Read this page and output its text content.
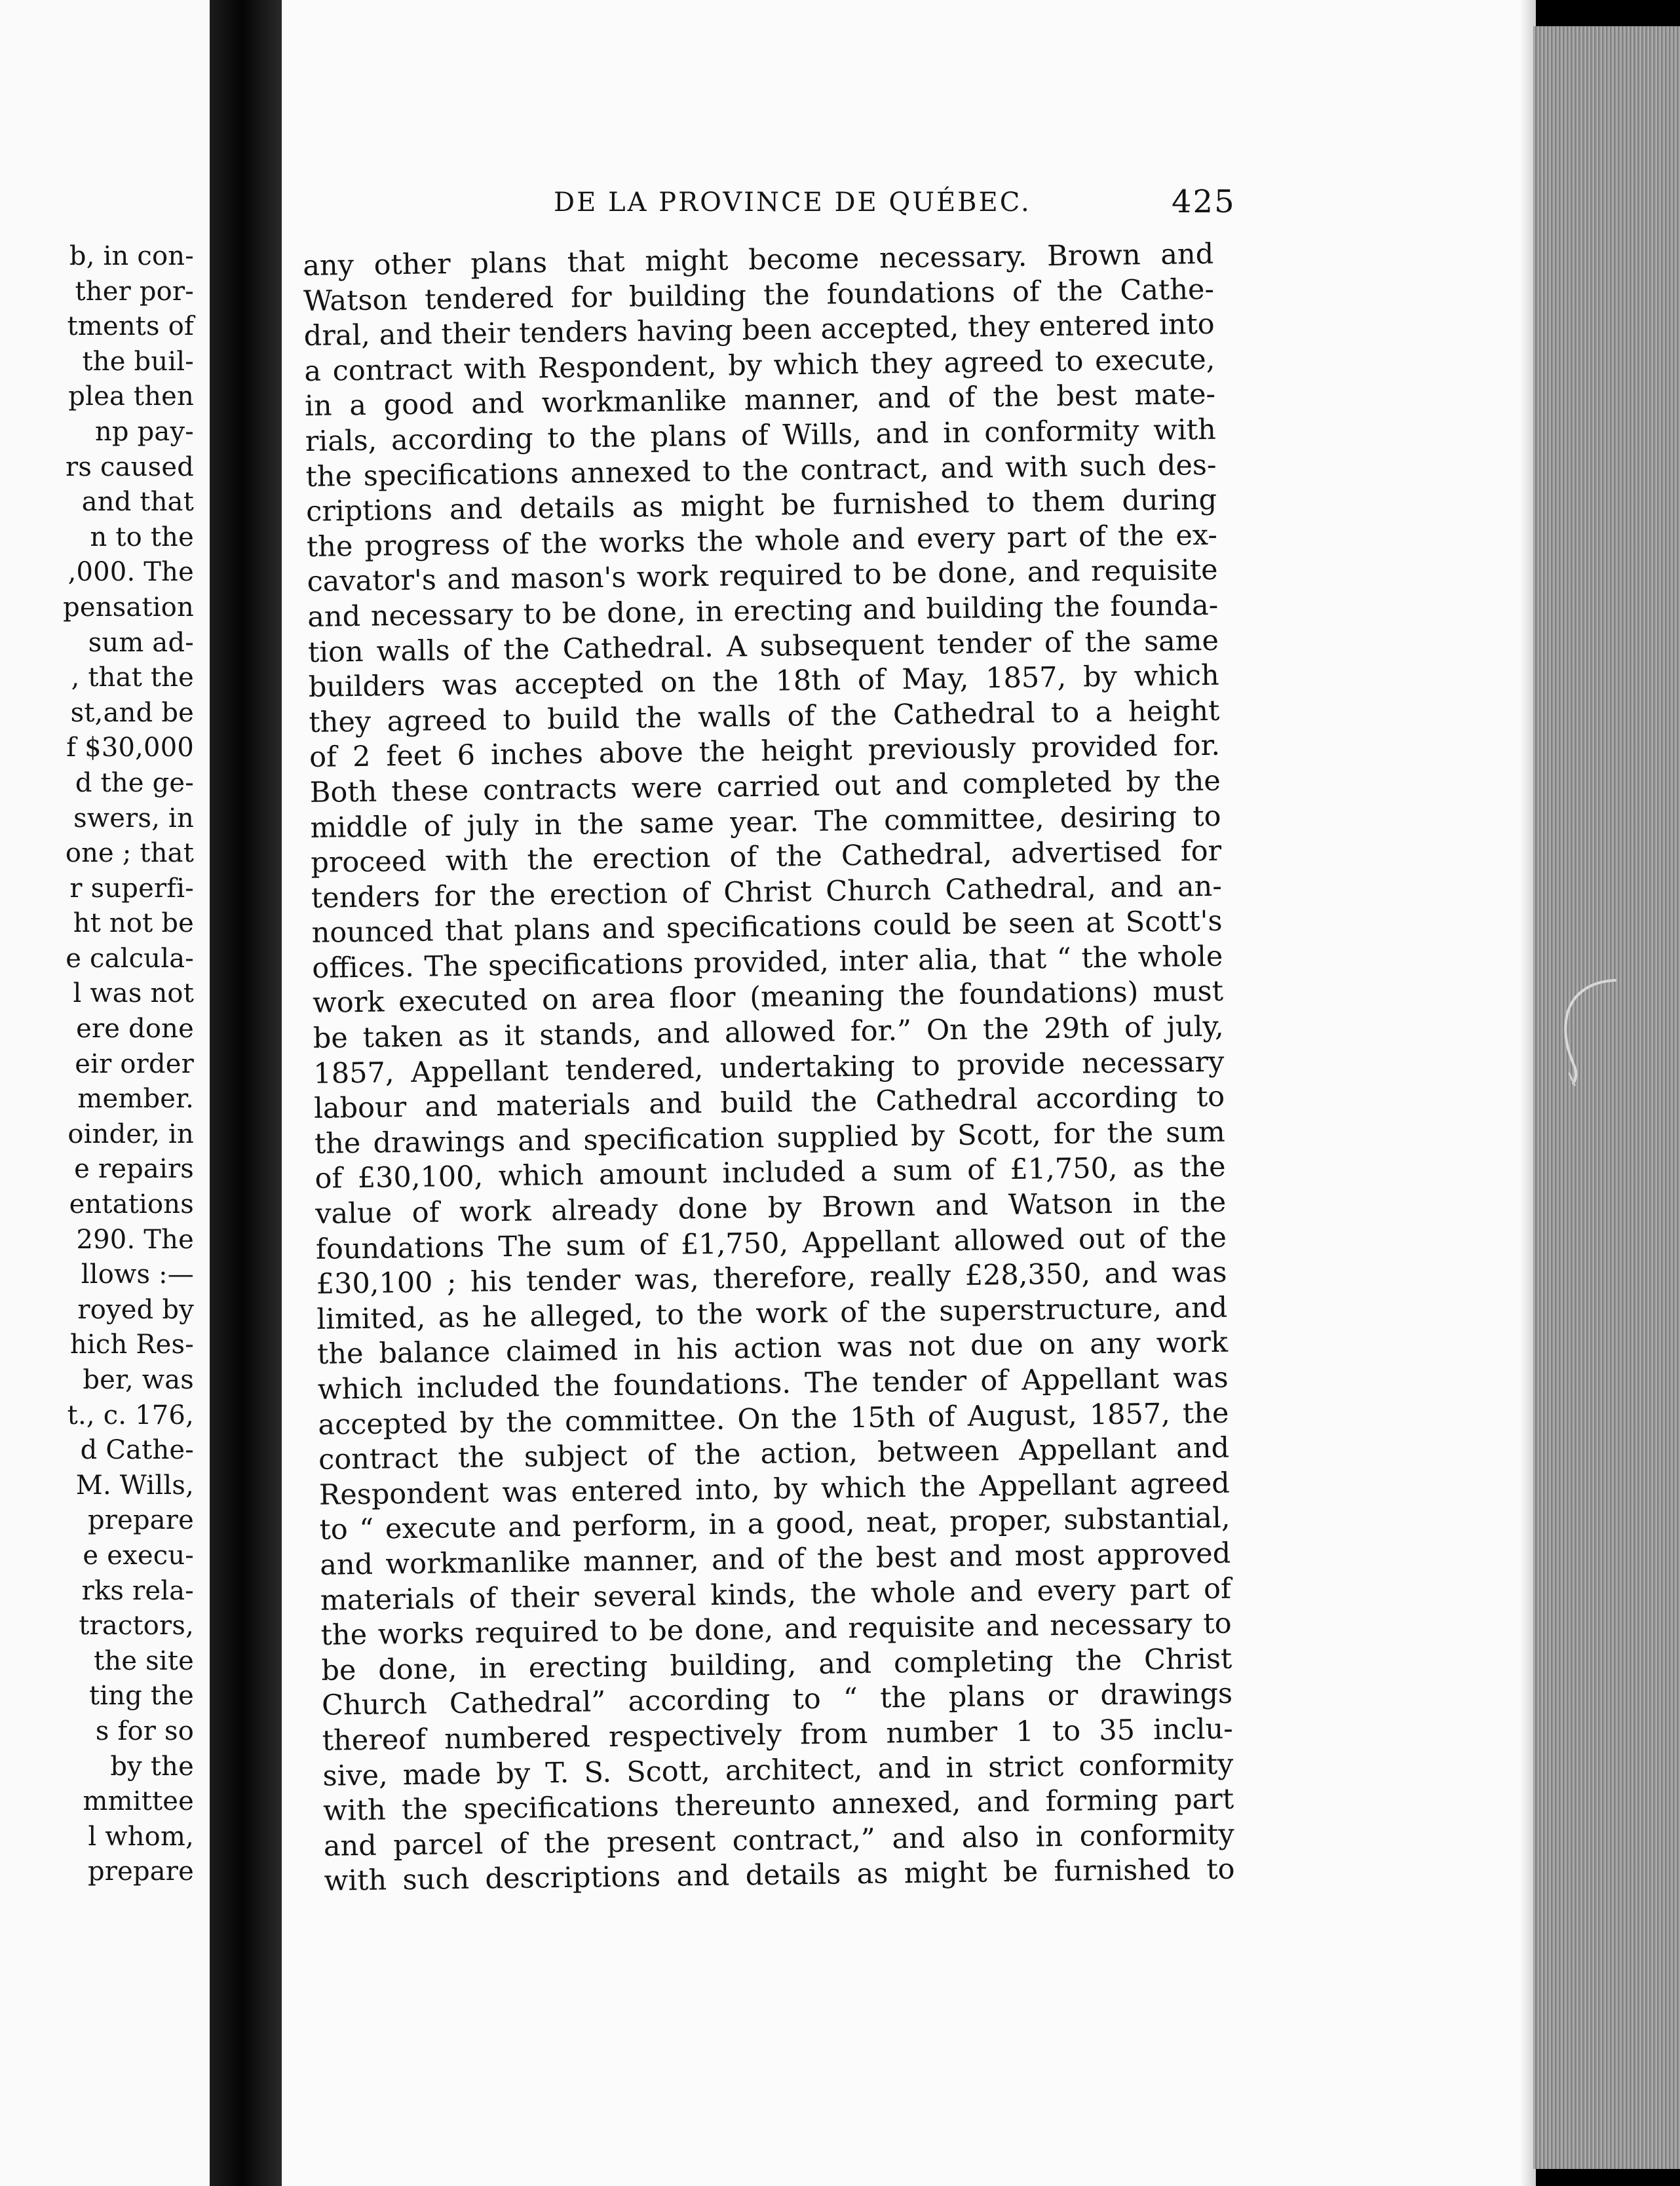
b, in con-
ther por-
tments of
the buil-
plea then
np pay-
rs caused
and that
n to the
,000. The
pensation
sum ad-
, that the
st,and be
f $30,000
d the ge-
swers, in
one ; that
r superfi-
ht not be
e calcula-
l was not
ere done
eir order
member.
oinder, in
e repairs
entations
290. The
llows :—
royed by
hich Res-
ber, was
t., c. 176,
d Cathe-
M. Wills,
prepare
e execu-
rks rela-
tractors,
the site
ting the
s for so
by the
mmittee
l whom,
prepare
DE LA PROVINCE DE QUÉBEC.	425
any other plans that might become necessary. Brown and
Watson tendered for building the foundations of the Cathe-
dral, and their tenders having been accepted, they entered into
a contract with Respondent, by which they agreed to execute,
in a good and workmanlike manner, and of the best mate-
rials, according to the plans of Wills, and in conformity with
the specifications annexed to the contract, and with such des-
criptions and details as might be furnished to them during
the progress of the works the whole and every part of the ex-
cavator's and mason's work required to be done, and requisite
and necessary to be done, in erecting and building the founda-
tion walls of the Cathedral. A subsequent tender of the same
builders was accepted on the 18th of May, 1857, by which
they agreed to build the walls of the Cathedral to a height
of 2 feet 6 inches above the height previously provided for.
Both these contracts were carried out and completed by the
middle of july in the same year. The committee, desiring to
proceed with the erection of the Cathedral, advertised for
tenders for the erection of Christ Church Cathedral, and an-
nounced that plans and specifications could be seen at Scott's
offices. The specifications provided, inter alia, that “ the whole
work executed on area floor (meaning the foundations) must
be taken as it stands, and allowed for.” On the 29th of july,
1857, Appellant tendered, undertaking to provide necessary
labour and materials and build the Cathedral according to
the drawings and specification supplied by Scott, for the sum
of £30,100, which amount included a sum of £1,750, as the
value of work already done by Brown and Watson in the
foundations The sum of £1,750, Appellant allowed out of the
£30,100 ; his tender was, therefore, really £28,350, and was
limited, as he alleged, to the work of the superstructure, and
the balance claimed in his action was not due on any work
which included the foundations. The tender of Appellant was
accepted by the committee. On the 15th of August, 1857, the
contract the subject of the action, between Appellant and
Respondent was entered into, by which the Appellant agreed
to “ execute and perform, in a good, neat, proper, substantial,
and workmanlike manner, and of the best and most approved
materials of their several kinds, the whole and every part of
the works required to be done, and requisite and necessary to
be done, in erecting building, and completing the Christ
Church Cathedral” according to “ the plans or drawings
thereof numbered respectively from number 1 to 35 inclu-
sive, made by T. S. Scott, architect, and in strict conformity
with the specifications thereunto annexed, and forming part
and parcel of the present contract,” and also in conformity
with such descriptions and details as might be furnished to
